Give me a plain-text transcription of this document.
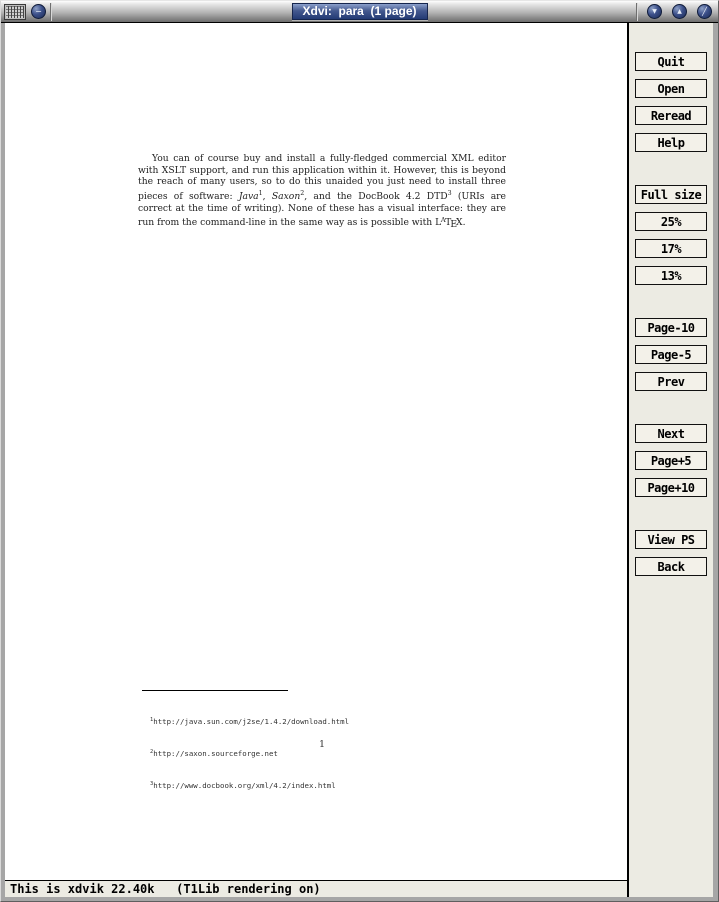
−	Xdvi:  para  (1 page)	▼	▲	╱

You can of course buy and install a fully-fledged commercial XML editor with XSLT support, and run this application within it. However, this is beyond the reach of many users, so to do this unaided you just need to install three pieces of software: Java$^1$, Saxon$^2$, and the DocBook 4.2 DTD$^3$ (URIs are correct at the time of writing). None of these has a visual interface: they are run from the command-line in the same way as is possible with $L^ATEX$.

$^1$http://java.sun.com/j2se/1.4.2/download.html

$^2$http://saxon.sourceforge.net

$^3$http://www.docbook.org/xml/4.2/index.html

1
Quit
Open
Reread
Help
Full size
25%
17%
13%
Page-10
Page-5
Prev
Next
Page+5
Page+10
View PS
Back
This is xdvik 22.40k   (T1Lib rendering on)
